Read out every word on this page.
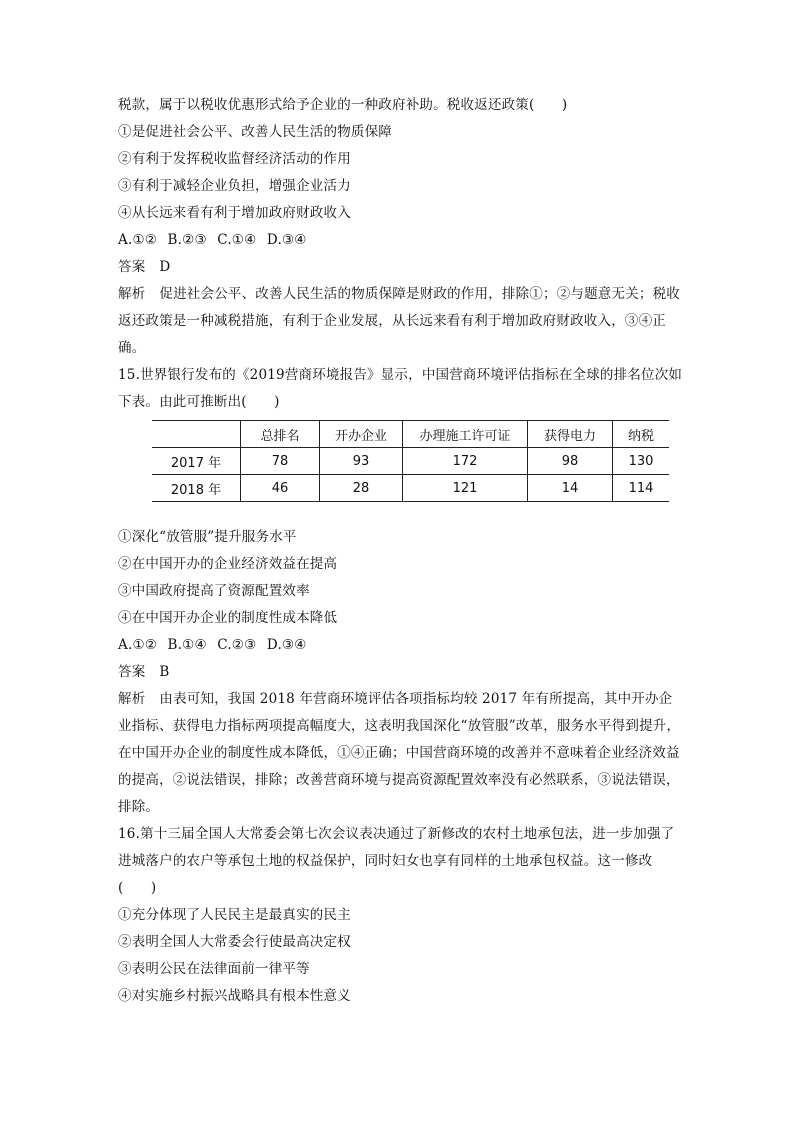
税款，属于以税收优惠形式给予企业的一种政府补助。税收返还政策(　　)
①是促进社会公平、改善人民生活的物质保障
②有利于发挥税收监督经济活动的作用
③有利于减轻企业负担，增强企业活力
④从长远来看有利于增加政府财政收入
A.①② B.②③ C.①④ D.③④
答案 D
解析 促进社会公平、改善人民生活的物质保障是财政的作用，排除①；②与题意无关；税收返还政策是一种减税措施，有利于企业发展，从长远来看有利于增加政府财政收入，③④正确。
15.世界银行发布的《2019营商环境报告》显示，中国营商环境评估指标在全球的排名位次如下表。由此可推断出(　　)
	总排名	开办企业	办理施工许可证	获得电力	纳税
2017 年	78	93	172	98	130
2018 年	46	28	121	14	114
①深化“放管服”提升服务水平
②在中国开办的企业经济效益在提高
③中国政府提高了资源配置效率
④在中国开办企业的制度性成本降低
A.①② B.①④ C.②③ D.③④
答案 B
解析 由表可知，我国 2018 年营商环境评估各项指标均较 2017 年有所提高，其中开办企业指标、获得电力指标两项提高幅度大，这表明我国深化“放管服”改革，服务水平得到提升，在中国开办企业的制度性成本降低，①④正确；中国营商环境的改善并不意味着企业经济效益的提高，②说法错误，排除；改善营商环境与提高资源配置效率没有必然联系，③说法错误，排除。
16.第十三届全国人大常委会第七次会议表决通过了新修改的农村土地承包法，进一步加强了进城落户的农户等承包土地的权益保护，同时妇女也享有同样的土地承包权益。这一修改(　　)
①充分体现了人民民主是最真实的民主
②表明全国人大常委会行使最高决定权
③表明公民在法律面前一律平等
④对实施乡村振兴战略具有根本性意义
